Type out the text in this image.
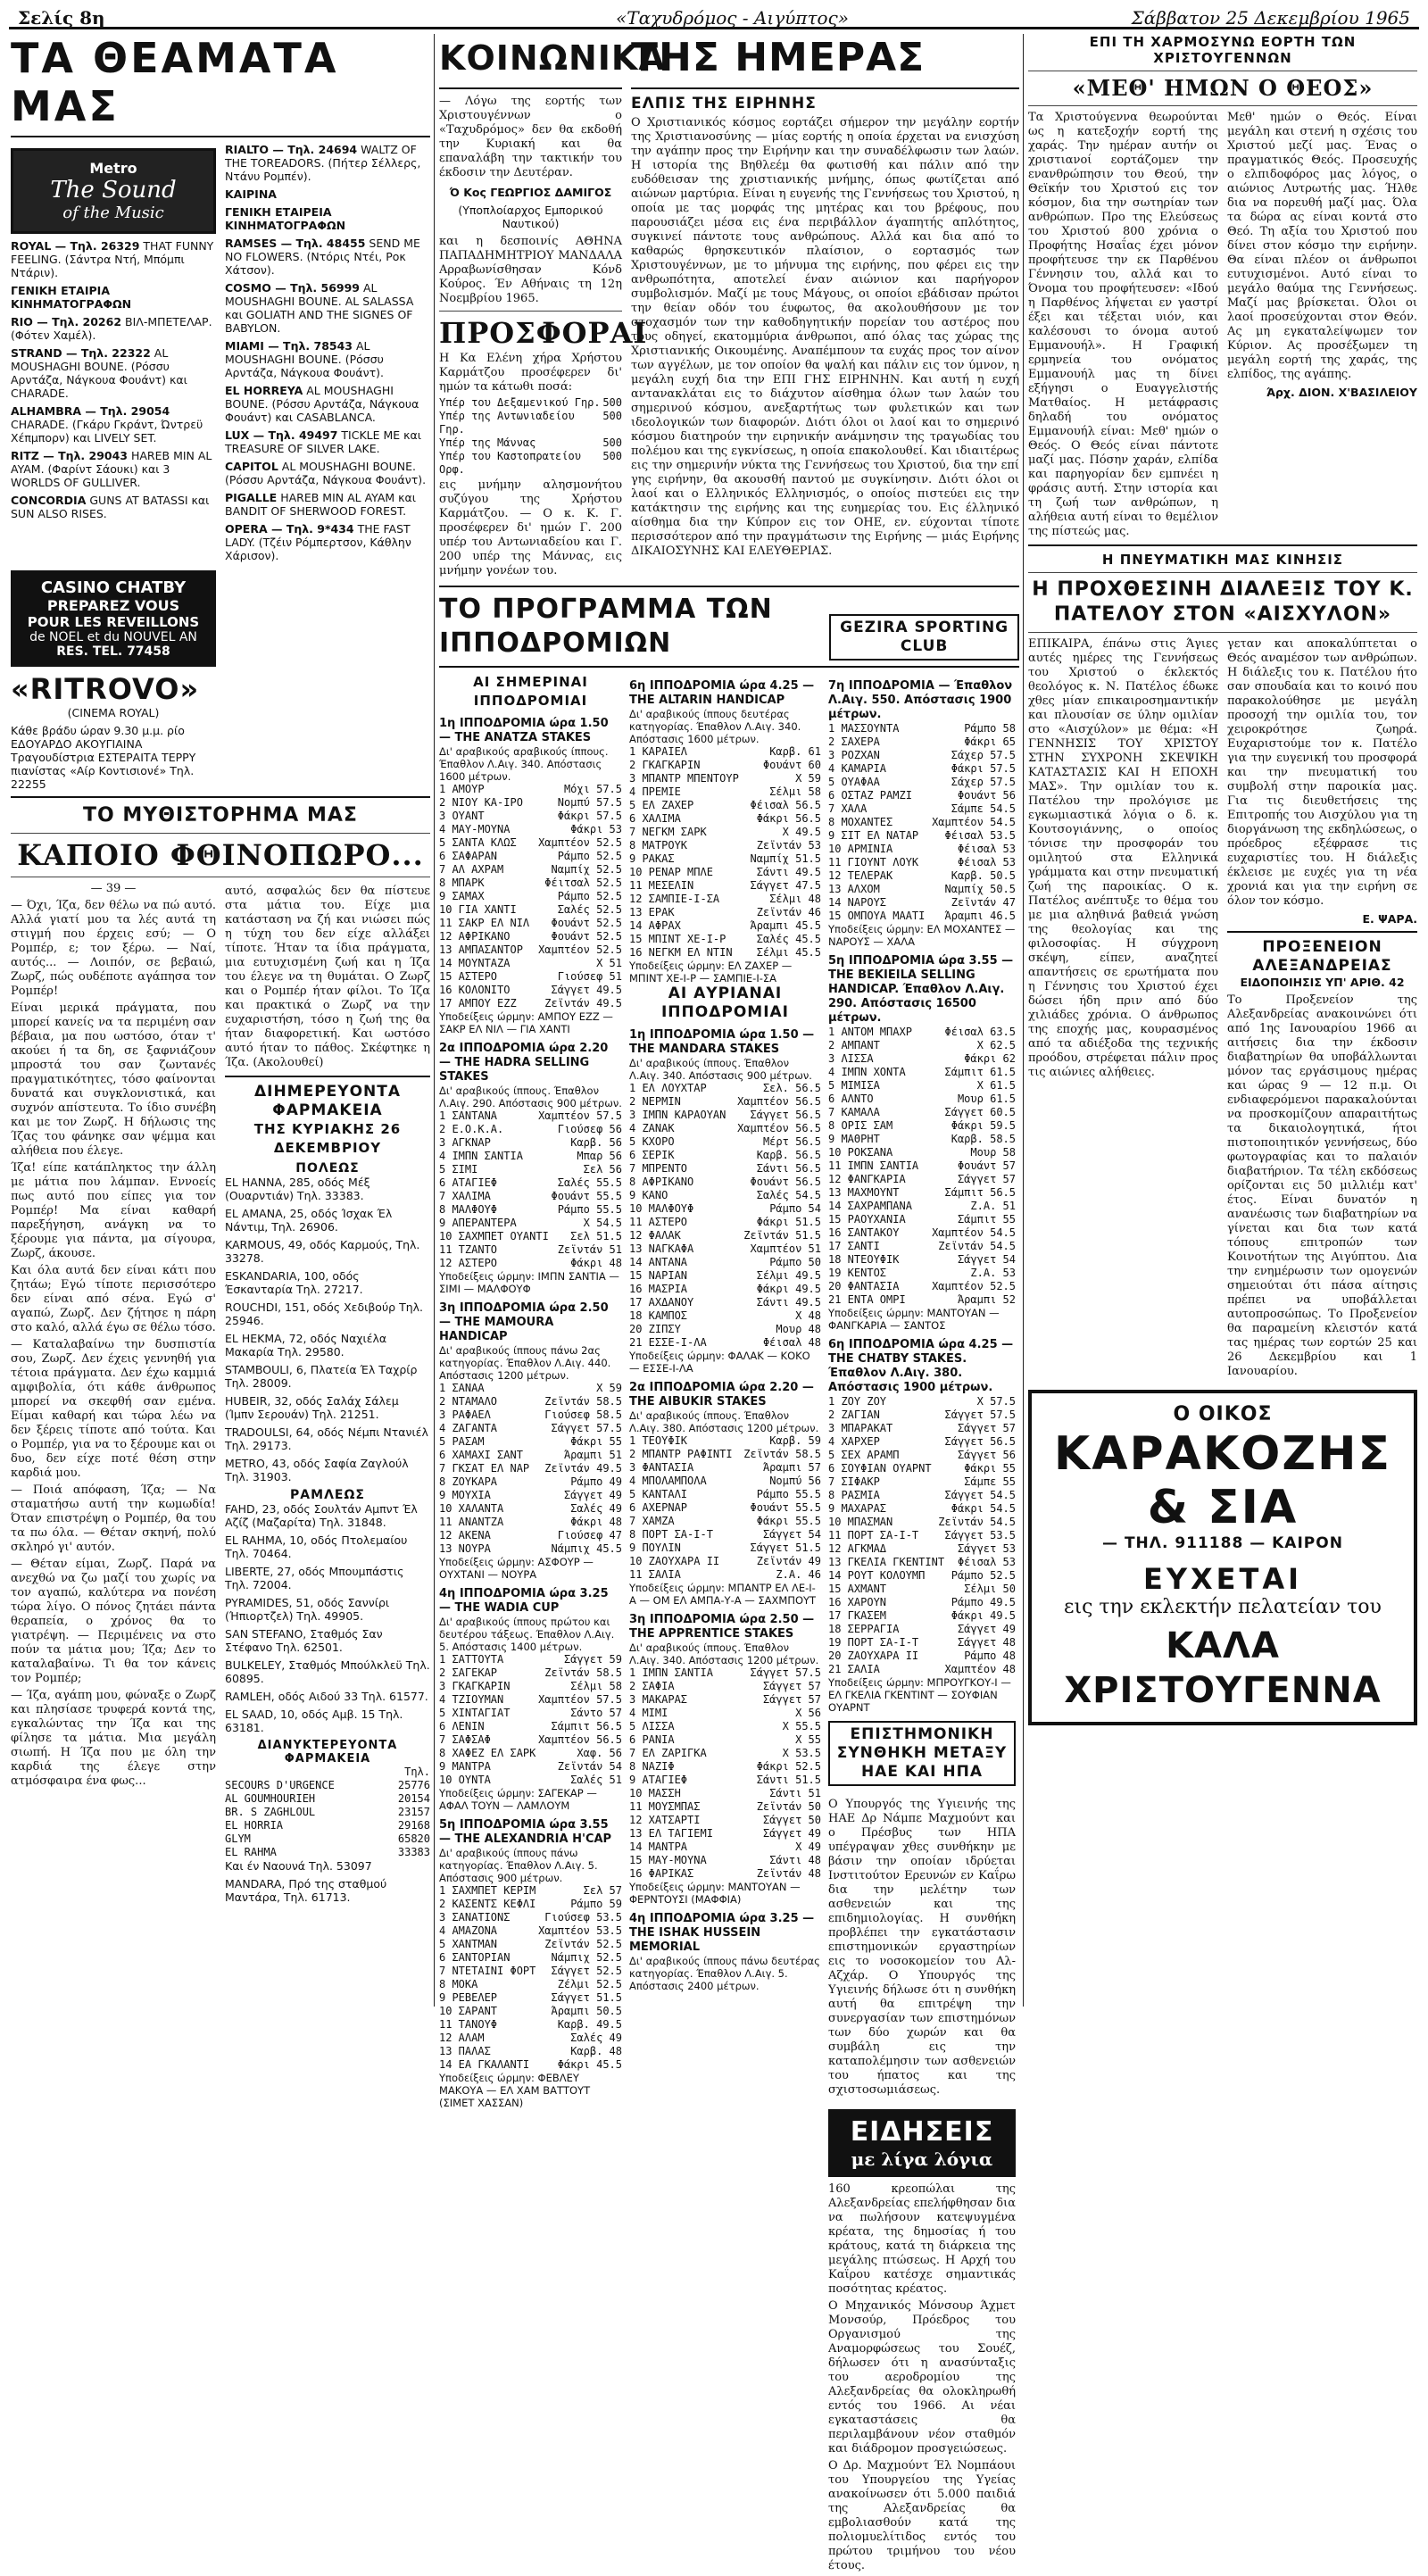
Σελίς 8η	«Ταχυδρόμος - Αιγύπτος»	Σάββατον 25 Δεκεμβρίου 1965
ΤΑ ΘΕΑΜΑΤΑ ΜΑΣ
Metro
The Sound
of the Music
ROYAL — Τηλ. 26329 THAT FUNNY FEELING. (Σάντρα Ντή, Μπόμπι Ντάριν).
ΓΕΝΙΚΗ ΕΤΑΙΡΙΑ ΚΙΝΗΜΑΤΟΓΡΑΦΩΝ
RIO — Τηλ. 20262 ΒΙΛ-ΜΠΕΤΕΛΑΡ. (Φότεν Χαμέλ).
STRAND — Τηλ. 22322 AL MOUSHAGHI BOUNE. (Ρόσσυ Αρντάζα, Νάγκουα Φουάντ) και CHARADE.
ALHAMBRA — Τηλ. 29054 CHARADE. (Γκάρυ Γκράντ, Ώντρεϋ Χέπμπορν) και LIVELY SET.
RITZ — Τηλ. 29043 HAREB MIN AL AYAM. (Φαρίντ Σάουκι) και 3 WORLDS OF GULLIVER.
CONCORDIA GUNS AT BATASSI και SUN ALSO RISES.
RIALTO — Τηλ. 24694 WALTZ OF THE TOREADORS. (Πήτερ Σέλλερς, Ντάνυ Ρομπέν).
ΚΑΙΡΙΝΑ
ΓΕΝΙΚΗ ΕΤΑΙΡΕΙΑ ΚΙΝΗΜΑΤΟΓΡΑΦΩΝ
RAMSES — Τηλ. 48455 SEND ME NO FLOWERS. (Ντόρις Ντέι, Ροκ Χάτσον).
COSMO — Τηλ. 56999 AL MOUSHAGHI BOUNE. AL SALASSA και GOLIATH AND THE SIGNES OF BABYLON.
MIAMI — Τηλ. 78543 AL MOUSHAGHI BOUNE. (Ρόσσυ Αρντάζα, Νάγκουα Φουάντ).
EL HORREYA AL MOUSHAGHI BOUNE. (Ρόσσυ Αρντάζα, Νάγκουα Φουάντ) και CASABLANCA.
LUX — Τηλ. 49497 TICKLE ME και TREASURE OF SILVER LAKE.
CAPITOL AL MOUSHAGHI BOUNE. (Ρόσσυ Αρντάζα, Νάγκουα Φουάντ).
PIGALLE HAREB MIN AL AYAM και BANDIT OF SHERWOOD FOREST.
OPERA — Τηλ. 9*434 THE FAST LADY. (Τζέιν Ρόμπερτσον, Κάθλην Χάρισον).
CASINO CHATBY
PREPAREZ VOUS
POUR LES REVEILLONS
de NOEL et du NOUVEL AN
RES. TEL. 77458
«RITROVO»
(CINEMA ROYAL)
Κάθε βράδυ ώραν 9.30 μ.μ. ρίο ΕΔΟΥΑΡΔΟ ΑΚΟΥΓΙΑΙΝΑ Τραγουδίστρια ΕΣΤΕΡΑΙΤΑ ΤΕΡΡΥ πιανίστας «Αίρ Κοντισιονέ» Τηλ. 22255
ΤΟ ΜΥΘΙΣΤΟΡΗΜΑ ΜΑΣ
ΚΑΠΟΙΟ ΦΘΙΝΟΠΩΡΟ...
— 39 —

— Όχι, Ίζα, δεν θέλω να πώ αυτό. Αλλά γιατί μου τα λές αυτά τη στιγμή που έρχεις εσύ; — Ο Ρομπέρ, ε; τον ξέρω. — Ναί, αυτός... — Λοιπόν, σε βεβαιώ, Ζωρζ, πώς ουδέποτε αγάπησα τον Ρομπέρ!

Είναι μερικά πράγματα, που μπορεί κανείς να τα περιμένη σαν βέβαια, μα που ωστόσο, όταν τ' ακούει ή τα δη, σε ξαφνιάζουν μπροστά του σαν ζωντανές πραγματικότητες, τόσο φαίνονται δυνατά και συγκλονιστικά, και συχνόν απίστευτα. Το ίδιο συνέβη και με τον Ζωρζ. Η δήλωσις της Ίζας του φάνηκε σαν ψέμμα και αλήθεια που έλεγε.

Ίζα! είπε κατάπληκτος την άλλη με μάτια που λάμπαν. Εννοείς πως αυτό που είπες για τον Ρομπέρ! Μα είναι καθαρή παρεξήγηση, ανάγκη να το ξέρουμε για πάντα, μα σίγουρα, Ζωρζ, άκουσε.

Και όλα αυτά δεν είναι κάτι που ζητάω; Εγώ τίποτε περισσότερο δεν είναι από σένα. Εγώ σ' αγαπώ, Ζωρζ. Δεν ζήτησε η πάρη στο καλό, αλλά έγω σε θέλω τόσο.

— Καταλαβαίνω την δυσπιστία σου, Ζωρζ. Δεν έχεις γεννηθή για τέτοια πράγματα. Δεν έχω καμμιά αμφιβολία, ότι κάθε άνθρωπος μπορεί να σκεφθή σαν εμένα. Είμαι καθαρή και τώρα λέω να δεν ξέρεις τίποτε από τούτα. Και ο Ρομπέρ, για να το ξέρουμε και οι δυο, δεν είχε ποτέ θέση στην καρδιά μου.

— Ποιά απόφαση, Ίζα; — Να σταματήσω αυτή την κωμωδία! Όταν επιστρέψη ο Ρομπέρ, θα του τα πω όλα. — Θέταν σκηνή, πολύ σκληρό γι' αυτόν.

— Θέταν είμαι, Ζωρζ. Παρά να ανεχθώ να ζω μαζί του χωρίς να τον αγαπώ, καλύτερα να πονέση τώρα λίγο. Ο πόνος ζητάει πάντα θεραπεία, ο χρόνος θα το γιατρέψη. — Περιμένεις να στο πούν τα μάτια μου; Ίζα; Δεν το καταλαβαίνω. Τι θα τον κάνεις τον Ρομπέρ;

— Ίζα, αγάπη μου, φώναξε ο Ζωρζ και πλησίασε τρυφερά κοντά της, εγκαλώντας την Ίζα και της φίλησε τα μάτια. Μια μεγάλη σιωπή. Η Ίζα που με όλη την καρδιά της έλεγε στην ατμόσφαιρα ένα φως...

αυτό, ασφαλώς δεν θα πίστευε στα μάτια του. Είχε μια κατάσταση να ζή και νιώσει πώς η τύχη του δεν είχε αλλάξει τίποτε. Ήταν τα ίδια πράγματα, μια ευτυχισμένη ζωή και η Ίζα του έλεγε να τη θυμάται. Ο Ζωρζ και ο Ρομπέρ ήταν φίλοι. Το Ίζα και πρακτικά ο Ζωρζ να την ευχαριστήση, τόσο η ζωή της θα ήταν διαφορετική. Και ωστόσο αυτό ήταν το πάθος. Σκέφτηκε η Ίζα. (Ακολουθεί)

ΔΙΗΜΕΡΕΥΟΝΤΑ ΦΑΡΜΑΚΕΙΑ
ΤΗΣ ΚΥΡΙΑΚΗΣ 26 ΔΕΚΕΜΒΡΙΟΥ
ΠΟΛΕΩΣ
EL HANNA, 285, οδός Μέξ (Ουαρντιάν) Τηλ. 33383.
EL AMANA, 25, οδός Ίσχακ Έλ Νάντιμ, Τηλ. 26906.
KARMOUS, 49, οδός Καρμούς, Τηλ. 33278.
ESKANDARIA, 100, οδός Έσκανταρία Τηλ. 27217.
ROUCHDI, 151, οδός Χεδιβούρ Τηλ. 25946.
EL HEKMA, 72, οδός Ναχιέλα Μακαρία Τηλ. 29580.
STAMBOULI, 6, Πλατεία Έλ Ταχρίρ Τηλ. 28009.
HUBEIR, 32, οδός Σαλάχ Σάλεμ (Ίμπν Σερουάν) Τηλ. 21251.
TRADOULSI, 64, οδός Νέμπι Ντανιέλ Τηλ. 29173.
METRO, 43, οδός Σαφία Ζαγλούλ Τηλ. 31903.
ΡΑΜΛΕΩΣ
FAHD, 23, οδός Σουλτάν Αμπντ Έλ Αζίζ (Μαζαρίτα) Τηλ. 31848.
EL RAHMA, 10, οδός Πτολεμαίου Τηλ. 70464.
LIBERTE, 27, οδός Μπουμπάστις Τηλ. 72004.
PYRAMIDES, 51, οδός Σαννίρι (Ήπιορτζελ) Τηλ. 49905.
SAN STEFANO, Σταθμός Σαν Στέφανο Τηλ. 62501.
BULKELEY, Σταθμός Μπούλκλεϋ Τηλ. 60895.
RAMLEH, οδός Αιδού 33 Τηλ. 61577.
EL SAAD, 10, οδός Αμβ. 15 Τηλ. 63181.
ΔΙΑΝΥΚΤΕΡΕΥΟΝΤΑ ΦΑΡΜΑΚΕΙΑ
Τηλ.
SECOURS D'URGENCE	25776
AL GOUMHOURIEH	20154
BR. S ZAGHLOUL	23157
EL HORRIA	29168
GLYM	65820
EL RAHMA	33383
Και έν Ναουνά Τηλ. 53097
MANDARA, Πρό της σταθμού Μαντάρα, Τηλ. 61713.
ΚΟΙΝΩΝΙΚΑ

— Λόγω της εορτής των Χριστουγέννων ο «Ταχυδρόμος» δεν θα εκδοθή την Κυριακή και θα επαναλάβη την τακτικήν του έκδοσιν την Δευτέραν.

Ό Κος ΓΕΩΡΓΙΟΣ ΔΑΜΙΓΟΣ
(Υποπλοίαρχος Εμπορικού Ναυτικού)

και η δεσποινίς ΑΘΗΝΑ ΠΑΠΑΔΗΜΗΤΡΙΟΥ ΜΑΝΔΑΛΑ Αρραβωνίσθησαν Κόνδ Κούρος. Έν Αθήναις τη 12η Νοεμβρίου 1965.

ΠΡΟΣΦΟΡΑΙ

Η Κα Ελένη χήρα Χρήστου Καρμάτζου προσέφερεν δι' ημών τα κάτωθι ποσά:

Υπέρ του Δεξαμενικού Γηρ. 500
Υπέρ της Αντωνιαδείου Γηρ.
500
Υπέρ της Μάννας	500
Υπέρ του Καστοπρατείου Ορφ.
500

εις μνήμην αλησμονήτου συζύγου της Χρήστου Καρμάτζου. — Ο κ. Κ. Γ. προσέφερεν δι' ημών Γ. 200 υπέρ του Αντωνιαδείου και Γ. 200 υπέρ της Μάννας, εις μνήμην γονέων του.

ΤΗΣ ΗΜΕΡΑΣ
ΕΛΠΙΣ ΤΗΣ ΕΙΡΗΝΗΣ

Ο Χριστιανικός κόσμος εορτάζει σήμερον την μεγάλην εορτήν της Χριστιανοσύνης — μίας εορτής η οποία έρχεται να ενισχύση την αγάπην προς την Ειρήνην και την συναδέλφωσιν των λαών. Η ιστορία της Βηθλεέμ θα φωτισθή και πάλιν από την ευδόθεισαν της χριστιανικής μνήμης, όπως φωτίζεται από αιώνων μαρτύρια. Είναι η ευγενής της Γεννήσεως του Χριστού, η οποία με τας μορφάς της μητέρας και του βρέφους, που παρουσιάζει μέσα εις ένα περιβάλλον άγαπητής απλότητος, συγκινεί πάντοτε τους ανθρώπους. Αλλά και δια από το καθαρώς θρησκευτικόν πλαίσιον, ο εορτασμός των Χριστουγέννων, με το μήνυμα της ειρήνης, που φέρει εις την ανθρωπότητα, αποτελεί έναν αιώνιον και παρήγορον συμβολισμόν. Μαζί με τους Μάγους, οι οποίοι εβάδισαν πρώτοι την θείαν οδόν του έυφωτος, θα ακολουθήσουν με τον στοχασμόν των την καθοδηγητικήν πορείαν του αστέρος που τους οδηγεί, εκατομμύρια άνθρωποι, από όλας τας χώρας της Χριστιανικής Οικουμένης. Αναπέμπουν τα ευχάς προς τον αίνον των αγγέλων, με τον οποίον θα ψαλή και πάλιν εις τον ύμνον, η μεγάλη ευχή δια την ΕΠΙ ΓΗΣ ΕΙΡΗΝΗΝ. Και αυτή η ευχή αντανακλάται εις το διάχυτον αίσθημα όλων των λαών του σημερινού κόσμου, ανεξαρτήτως των φυλετικών και των ιδεολογικών των διαφορών. Διότι όλοι οι λαοί και το σημερινό κόσμου διατηρούν την ειρηνικήν ανάμνησιν της τραγωδίας του πολέμου και της εγκνίσεως, η οποία επακολουθεί. Και ιδιαιτέρως εις την σημερινήν νύκτα της Γεννήσεως του Χριστού, δια την επί γης ειρήνην, θα ακουσθή παντού με συγκίνησιν. Διότι όλοι οι λαοί και ο Ελληνικός Ελληνισμός, ο οποίος πιστεύει εις την κατάκτησιν της ειρήνης και της ευημερίας του. Εις έλληνικό αίσθημα δια την Κύπρον εις τον ΟΗΕ, εν. εύχονται τίποτε περισσότερον από την πραγμάτωσιν της Ειρήνης — μιάς Ειρήνης ΔΙΚΑΙΟΣΥΝΗΣ ΚΑΙ ΕΛΕΥΘΕΡΙΑΣ.

ΤΟ ΠΡΟΓΡΑΜΜΑ ΤΩΝ ΙΠΠΟΔΡΟΜΙΩΝ	GEZIRA SPORTING CLUB
ΑΙ ΣΗΜΕΡΙΝΑΙ ΙΠΠΟΔΡΟΜΙΑΙ
1η ΙΠΠΟΔΡΟΜΙΑ ώρα 1.50 — THE ΑΝΑΤΖΑ STAKES
Δι' αραβικούς αραβικούς ίππους. Έπαθλον Λ.Αιγ. 340. Απόστασις 1600 μέτρων.
1 ΑΜΟΥΡ	Μόχι 57.5
2 ΝΙΟΥ ΚΑ-ΙΡΟ	Νομπύ 57.5
3 ΟΥΑΝΤ	Φάκρι 57.5
4 ΜΑΥ-ΜΟΥΝΑ	Φάκρι 53
5 ΣΑΝΤΑ ΚΛΩΣ Χαμπτέον 52.5
6 ΣΑΦΑΡΑΝ	Ράμπο 52.5
7 ΑΛ ΑΧΡΑΜ	Ναμπίχ 52.5
8 ΜΠΑΡΚ	Φέιτσαλ 52.5
9 ΣΑΜΑΧ	Ράμπο 52.5
10 ΓΙΑ ΧΑΝΤΙ	Σαλές 52.5
11 ΣΑΚΡ ΕΛ ΝΙΛ Φουάντ 52.5
12 ΑΦΡΙΚΑΝΟ	Φουάντ 52.5
13 ΑΜΠΑΣΑΝΤΟΡ Χαμπτέον 52.5
14 ΜΟΥΝΤΑΖΑ	Χ 51
15 ΑΣΤΕΡΟ	Γιούσεφ 51
16 ΚΟΛΟΝΙΤΟ	Σάγγετ 49.5
17 ΑΜΠΟΥ ΕΖΖ	Ζεϊντάν 49.5
Υποδείξεις ώρμην: ΑΜΠΟΥ ΕΖΖ — ΣΑΚΡ ΕΛ ΝΙΛ — ΓΙΑ ΧΑΝΤΙ
2α ΙΠΠΟΔΡΟΜΙΑ ώρα 2.20 — THE HADRA SELLING STAKES
Δι' αραβικούς ίππους. Έπαθλον Λ.Αιγ. 290. Απόστασις 900 μέτρων.
1 ΣΑΝΤΑΝΑ	Χαμπτέον 57.5
2 Ε.Ο.Κ.Α.	Γιούσεφ 56
3 ΑΓΚΝΑΡ	Καρβ. 56
4 ΙΜΠΝ ΣΑΝΤΙΑ	Μπαρ 56
5 ΣΙΜΙ	Σελ 56
6 ΑΤΑΓΙΕΦ	Σαλές 55.5
7 ΧΑΛΙΜΑ	Φουάντ 55.5
8 ΜΑΛΦΟΥΦ	Ράμπο 55.5
9 ΑΠΕΡΑΝΤΕΡΑ	Χ 54.5
10 ΣΑΧΜΠΕΤ ΟΥΑΝΤΙ Σελ 51.5
11 ΤΖΑΝΤΟ	Ζεϊντάν 51
12 ΑΣΤΕΡΟ	Φάκρι 48
Υποδείξεις ώρμην: ΙΜΠΝ ΣΑΝΤΙΑ — ΣΙΜΙ — ΜΑΛΦΟΥΦ
3η ΙΠΠΟΔΡΟΜΙΑ ώρα 2.50 — THE MAMOURA HANDICAP
Δι' αραβικούς ίππους πάνω 2ας κατηγορίας. Έπαθλον Λ.Αιγ. 440. Απόστασις 1200 μέτρων.
1 ΣΑΝΑΑ	Χ 59
2 ΝΤΑΜΑΛΟ	Ζεϊντάν 58.5
3 ΡΑΦΑΕΛ	Γιούσεφ 58.5
4 ΖΑΓΑΝΤΑ	Σάγγετ 57.5
5 ΡΑΣΑΜ	Φάκρι 55
6 ΧΑΜΑΧΙ ΣΑΝΤ	Άραμπι 51
7 ΓΚΣΑΤ ΕΛ ΝΑΡ Ζεϊντάν 49.5
8 ΖΟΥΚΑΡΑ	Ράμπο 49
9 ΜΟΥΧΙΑ	Σάγγετ 49
10 ΧΑΛΑΝΤΑ	Σαλές 49
11 ΑΝΑΝΤΖΑ	Φάκρι 48
12 ΑΚΕΝΑ	Γιούσεφ 47
13 ΝΟΥΡΑ	Νάμπιχ 45.5
Υποδείξεις ώρμην: ΑΣΦΟΥΡ — ΟΥΧΤΑΝΙ — ΝΟΥΡΑ
4η ΙΠΠΟΔΡΟΜΙΑ ώρα 3.25 — THE WADIA CUP
Δι' αραβικούς ίππους πρώτου και δευτέρου τάξεως. Έπαθλον Λ.Αιγ. 5. Απόστασις 1400 μέτρων.
1 ΣΑΤΤΟΥΤΑ	Σάγγετ 59
2 ΣΑΓΕΚΑΡ	Ζεϊντάν 58.5
3 ΓΚΑΓΚΑΡΙΝ	Σέλμι 58
4 ΤΖΙΟΥΜΑΝ	Χαμπτέον 57.5
5 ΧΙΝΤΑΓΙΑΤ	Σάντο 57
6 ΛΕΝΙΝ	Σάμπιτ 56.5
7 ΣΑΦΣΑΦ	Χαμπτέον 56.5
8 ΧΑΦΕΖ ΕΛ ΣΑΡΚ	Χαφ. 56
9 ΜΑΝΤΡΑ	Ζεϊντάν 54
10 ΟΥΝΤΑ	Σαλές 51
Υποδείξεις ώρμην: ΣΑΓΕΚΑΡ — ΑΦΑΛ ΤΟΥΝ — ΛΑΜΛΟΥΜ
5η ΙΠΠΟΔΡΟΜΙΑ ώρα 3.55 — THE ALEXANDRIA H'CAP
Δι' αραβικούς ίππους πάνω κατηγορίας. Έπαθλον Λ.Αιγ. 5. Απόστασις 900 μέτρων.
1 ΣΑΧΜΠΕΤ ΚΕΡΙΜ	Σελ 57
2 ΚΑΣΕΝΤΣ ΚΕΦΛΙ	Ράμπο 59
3 ΣΑΝΑΤΙΟΝΣ	Γιούσεφ 53.5
4 ΑΜΑΖΟΝΑ	Χαμπτέον 53.5
5 ΧΑΝΤΜΑΝ	Ζεϊντάν 52.5
6 ΣΑΝΤΟΡΙΑΝ	Νάμπιχ 52.5
7 ΝΤΕΤΑΙΝΙ ΦΟΡΤ Σάγγετ 52.5
8 ΜΟΚΑ	Ζέλμι 52.5
9 ΡΕΒΕΛΕΡ	Σάγγετ 51.5
10 ΣΑΡΑΝΤ	Άραμπι 50.5
11 ΤΑΝΟΥΦ	Καρβ. 49.5
12 ΑΛΑΜ	Σαλές 49
13 ΠΑΛΑΣ	Καρβ. 48
14 ΕΑ ΓΚΑΛΑΝΤΙ	Φάκρι 45.5
Υποδείξεις ώρμην: ΦΕΒΛΕΥ ΜΑΚΟΥΑ — ΕΛ ΧΑΜ ΒΑΤΤΟΥΤ (ΣΙΜΕΤ ΧΑΣΣΑΝ)
6η ΙΠΠΟΔΡΟΜΙΑ ώρα 4.25 — THE ALTARIN HANDICAP
Δι' αραβικούς ίππους δευτέρας κατηγορίας. Έπαθλον Λ.Αιγ. 340. Απόστασις 1600 μέτρων.
1 ΚΑΡΑΙΕΛ	Καρβ. 61
2 ΓΚΑΓΚΑΡΙΝ	Φουάντ 60
3 ΜΠΑΝΤΡ ΜΠΕΝΤΟΥΡ	Χ 59
4 ΠΡΕΜΙΕ	Σέλμι 58
5 ΕΛ ΖΑΧΕΡ	Φέισαλ 56.5
6 ΧΑΛΙΜΑ	Φάκρι 56.5
7 ΝΕΓΚΜ ΣΑΡΚ	Χ 49.5
8 ΜΑΤΡΟΥΚ	Ζεϊντάν 53
9 ΡΑΚΑΣ	Ναμπίχ 51.5
10 ΡΕΝΑΡ ΜΠΛΕ	Σάντι 49.5
11 ΜΕΣΕΛΙΝ	Σάγγετ 47.5
12 ΣΑΜΠΙΕ-Ι-ΣΑ	Σέλμι 48
13 ΕΡΑΚ	Ζεϊντάν 46
14 ΑΦΡΑΧ	Άραμπι 45.5
15 ΜΠΙΝΤ ΧΕ-Ι-Ρ	Σαλές 45.5
16 ΝΕΓΚΜ ΕΛ ΝΤΙΝ Σέλμι 45.5
Υποδείξεις ώρμην: ΕΛ ΖΑΧΕΡ — ΜΠΙΝΤ ΧΕ-Ι-Ρ — ΣΑΜΠΙΕ-Ι-ΣΑ
ΑΙ ΑΥΡΙΑΝΑΙ ΙΠΠΟΔΡΟΜΙΑΙ
1η ΙΠΠΟΔΡΟΜΙΑ ώρα 1.50 — THE MANDARA STAKES
Δι' αραβικούς ίππους. Έπαθλον Λ.Αιγ. 340. Απόστασις 900 μέτρων.
1 ΕΛ ΛΟΥΧΤΑΡ	Σελ. 56.5
2 ΝΕΡΜΙΝ	Χαμπτέον 56.5
3 ΙΜΠΝ ΚΑΡΑΟΥΑΝ Σάγγετ 56.5
4 ΖΑΝΑΚ	Χαμπτέον 56.5
5 ΚΧΟΡΟ	Μέρτ 56.5
6 ΣΕΡΙΚ	Καρβ. 56.5
7 ΜΠΡΕΝΤΟ	Σάντι 56.5
8 ΑΦΡΙΚΑΝΟ	Φουάντ 56.5
9 ΚΑΝΟ	Σαλές 54.5
10 ΜΑΛΦΟΥΦ	Ράμπο 54
11 ΑΣΤΕΡΟ	Φάκρι 51.5
12 ΦΑΛΑΚ	Ζεϊντάν 51.5
13 ΝΑΓΚΑΦΑ	Χαμπτέον 51
14 ΑΝΤΑΝΑ	Ράμπο 50
15 ΝΑΡΙΑΝ	Σέλμι 49.5
16 ΜΑΣΡΙΑ	Φάκρι 49.5
17 ΑΧΔΑΝΟΥ	Σάντι 49.5
18 ΚΑΜΠΟΣ	Χ 48
20 ΖΙΠΣΥ	Μουρ 48
21 ΕΣΣΕ-Ι-ΛΑ	Φέισαλ 48
Υποδείξεις ώρμην: ΦΑΛΑΚ — ΚΟΚΟ — ΕΣΣΕ-Ι-ΛΑ
2α ΙΠΠΟΔΡΟΜΙΑ ώρα 2.20 — THE AIBUKIR STAKES
Δι' αραβικούς ίππους. Έπαθλον Λ.Αιγ. 380. Απόστασις 1200 μέτρων.
1 ΤΕΟΥΦΙΚ	Καρβ. 59
2 ΜΠΑΝΤΡ ΡΑΦΙΝΤΙ Ζεϊντάν 58.5
3 ΦΑΝΤΑΣΙΑ	Άραμπι 57
4 ΜΠΟΛΑΜΠΟΛΑ	Νομπύ 56
5 ΚΑΝΤΑΛΙ	Ράμπο 55.5
6 ΑΧΕΡΝΑΡ	Φουάντ 55.5
7 ΧΑΜΖΑ	Φάκρι 55.5
8 ΠΟΡΤ ΣΑ-Ι-Τ	Σάγγετ 54
9 ΠΟΥΛΙΝ	Σάγγετ 51.5
10 ΖΑΟΥΧΑΡΑ ΙΙ	Ζεϊντάν 49
11 ΣΑΛΙΑ	Ζ.Α. 46
Υποδείξεις ώρμην: ΜΠΑΝΤΡ ΕΛ ΛΕ-Ι-Α — ΟΜ ΕΛ ΑΜΠΑ-Υ-Α — ΣΑΧΜΠΟΥΤ
3η ΙΠΠΟΔΡΟΜΙΑ ώρα 2.50 — THE APPRENTICE STAKES
Δι' αραβικούς ίππους. Έπαθλον Λ.Αιγ. 340. Απόστασις 1200 μέτρων.
1 ΙΜΠΝ ΣΑΝΤΙΑ	Σάγγετ 57.5
2 ΣΑΦΙΑ	Σάγγετ 57
3 ΜΑΚΑΡΑΣ	Σάγγετ 57
4 ΜΙΜΙ	Χ 56
5 ΛΙΣΣΑ	Χ 55.5
6 ΡΑΝΙΑ	Χ 55
7 ΕΛ ΖΑΡΙΓΚΑ	Χ 53.5
8 ΝΑΖΙΦ	Φάκρι 52.5
9 ΑΤΑΓΙΕΦ	Σάντι 51.5
10 ΜΑΣΣΗ	Σάντι 51
11 ΜΟΥΣΜΠΑΣ	Ζεϊντάν 50
12 ΧΑΤΣΑΡΤΙ	Σάγγετ 50
13 ΕΛ ΤΑΓΙΕΜΙ	Σάγγετ 49
14 ΜΑΝΤΡΑ	Χ 49
15 ΜΑΥ-ΜΟΥΝΑ	Σάντι 48
16 ΦΑΡΙΚΑΣ	Ζεϊντάν 48
Υποδείξεις ώρμην: ΜΑΝΤΟΥΑΝ — ΦΕΡΝΤΟΥΣΙ (ΜΑΦΦΙΑ)
4η ΙΠΠΟΔΡΟΜΙΑ ώρα 3.25 — THE ISHAK HUSSEIN MEMORIAL
Δι' αραβικούς ίππους πάνω δευτέρας κατηγορίας. Έπαθλον Λ.Αιγ. 5. Απόστασις 2400 μέτρων.
7η ΙΠΠΟΔΡΟΜΙΑ — Έπαθλον Λ.Αιγ. 550. Απόστασις 1900 μέτρων.
1 ΜΑΣΣΟΥΝΤΑ	Ράμπο 58
2 ΣΑΧΕΡΑ	Φάκρι 65
3 ΡΟΖΧΑΝ	Σάχερ 57.5
4 ΚΑΜΑΡΙΑ	Φάκρι 57.5
5 ΟΥΑΦΑΑ	Σάχερ 57.5
6 ΟΣΤΑΖ ΡΑΜΖΙ	Φουάντ 56
7 ΧΑΛΑ	Σάμπε 54.5
8 ΜΟΧΑΝΤΕΣ	Χαμπτέον 54.5
9 ΣΙΤ ΕΛ ΝΑΤΑΡ Φέισαλ 53.5
10 ΑΡΜΙΝΙΑ	Φέισαλ 53
11 ΓΙΟΥΝΤ ΛΟΥΚ	Φέισαλ 53
12 ΤΕΛΕΡΑΚ	Καρβ. 50.5
13 ΑΛΧΟΜ	Ναμπίχ 50.5
14 ΝΑΡΟΥΣ	Ζεϊντάν 47
15 ΟΜΠΟΥΑ ΜΑΑΤΙ Άραμπι 46.5
Υποδείξεις ώρμην: ΕΛ ΜΟΧΑΝΤΕΣ — ΝΑΡΟΥΣ — ΧΑΛΑ
5η ΙΠΠΟΔΡΟΜΙΑ ώρα 3.55 — THE BEKIEILA SELLING HANDICAP. Έπαθλον Λ.Αιγ. 290. Απόστασις 16500 μέτρων.
1 ΑΝΤΟΜ ΜΠΑΧΡ	Φέισαλ 63.5
2 ΑΜΠΑΝΤ	Χ 62.5
3 ΛΙΣΣΑ	Φάκρι 62
4 ΙΜΠΝ ΧΟΝΤΑ	Σάμπιτ 61.5
5 ΜΙΜΙΣΑ	Χ 61.5
6 ΑΛΝΤΟ	Μουρ 61.5
7 ΚΑΜΑΛΑ	Σάγγετ 60.5
8 ΟΡΙΣ ΣΑΜ	Φάκρι 59.5
9 ΜΑΘΡΗΤ	Καρβ. 58.5
10 ΡΟΚΣΑΝΑ	Μουρ 58
11 ΙΜΠΝ ΣΑΝΤΙΑ	Φουάντ 57
12 ΦΑΝΓΚΑΡΙΑ	Σάγγετ 57
13 ΜΑΧΜΟΥΝΤ	Σάμπιτ 56.5
14 ΣΑΧΡΑΜΠΑΝΑ	Ζ.Α. 51
15 ΡΑΟΥΧΑΝΙΑ	Σάμπιτ 55
16 ΣΑΝΤΑΚΟΥ	Χαμπτέον 54.5
17 ΣΑΝΤΙ	Ζεϊντάν 54.5
18 ΝΤΕΟΥΦΙΚ	Σάγγετ 54
19 ΚΕΝΤΟΣ	Ζ.Α. 53
20 ΦΑΝΤΑΣΙΑ	Χαμπτέον 52.5
21 ΕΝΤΑ ΟΜΡΙ	Άραμπι 52
Υποδείξεις ώρμην: ΜΑΝΤΟΥΑΝ — ΦΑΝΓΚΑΡΙΑ — ΣΑΝΤΟΣ
6η ΙΠΠΟΔΡΟΜΙΑ ώρα 4.25 — THE CHATBY STAKES. Έπαθλον Λ.Αιγ. 380. Απόστασις 1900 μέτρων.
1 ΖΟΥ ΖΟΥ	Χ 57.5
2 ΖΑΓΙΑΝ	Σάγγετ 57.5
3 ΜΠΑΡΑΚΑΤ	Σάγγετ 57
4 ΧΑΡΧΕΡ	Σάγγετ 56.5
5 ΣΕΧ ΑΡΑΜΠ	Σάγγετ 56
6 ΣΟΥΦΙΑΝ ΟΥΑΡΝΤ	Φάκρι 55
7 ΣΙΦΑΚΡ	Σάμπε 55
8 ΡΑΣΜΙΑ	Σάγγετ 54.5
9 ΜΑΧΑΡΑΣ	Φάκρι 54.5
10 ΜΠΑΣΜΑΝ	Ζεϊντάν 54.5
11 ΠΟΡΤ ΣΑ-Ι-Τ Σάγγετ 53.5
12 ΑΓΚΜΑΔ	Σάγγετ 53
13 ΓΚΕΛΙΑ ΓΚΕΝΤΙΝΤ Φέισαλ 53
14 ΡΟΥΤ ΚΟΛΟΥΜΠ Ράμπο 52.5
15 ΑΧΜΑΝΤ	Σέλμι 50
16 ΧΑΡΟΥΝ	Ράμπο 49.5
17 ΓΚΑΣΕΜ	Φάκρι 49.5
18 ΣΕΡΡΑΓΙΑ	Σάγγετ 49
19 ΠΟΡΤ ΣΑ-Ι-Τ	Σάγγετ 48
20 ΖΑΟΥΧΑΡΑ ΙΙ	Ράμπο 48
21 ΣΑΛΙΑ	Χαμπτέον 48
Υποδείξεις ώρμην: ΜΠΡΟΥΓΚΟΥ-Ι — ΕΛ ΓΚΕΛΙΑ ΓΚΕΝΤΙΝΤ — ΣΟΥΦΙΑΝ ΟΥΑΡΝΤ
ΕΠΙΣΤΗΜΟΝΙΚΗ ΣΥΝΘΗΚΗ ΜΕΤΑΞΥ ΗΑΕ ΚΑΙ ΗΠΑ

Ο Υπουργός της Υγιεινής της ΗΑΕ Δρ Νάμπε Μαχμούντ και ο Πρέσβυς των ΗΠΑ υπέγραψαν χθες συνθήκην με βάσιν την οποίαν ιδρύεται Ινστιτούτον Ερευνών εν Καΐρω δια την μελέτην των ασθενειών και της επιδημιολογίας. Η συνθήκη προβλέπει την εγκατάστασιν επιστημονικών εργαστηρίων εις το νοσοκομείον του Αλ-Αζχάρ. Ο Υπουργός της Υγιεινής δήλωσε ότι η συνθήκη αυτή θα επιτρέψη την συνεργασίαν των επιστημόνων των δύο χωρών και θα συμβάλη εις την καταπολέμησιν των ασθενειών του ήπατος και της σχιστοσωμιάσεως.

ΕΙΔΗΣΕΙΣ
με λίγα λόγια

160 κρεοπώλαι της Αλεξανδρείας επελήφθησαν δια να πωλήσουν κατεψυγμένα κρέατα, της δημοσίας ή του κράτους, κατά τη διάρκεια της μεγάλης πτώσεως. Η Αρχή του Καΐρου κατέσχε σημαντικάς ποσότητας κρέατος.

Ο Μηχανικός Μόνσουρ Άχμετ Μονσούρ, Πρόεδρος του Οργανισμού της Αναμορφώσεως του Σουέζ, δήλωσεν ότι η ανασύνταξις του αεροδρομίου της Αλεξανδρείας θα ολοκληρωθή εντός του 1966. Αι νέαι εγκαταστάσεις θα περιλαμβάνουν νέον σταθμόν και διάδρομον προσγειώσεως.

Ο Δρ. Μαχμούντ Έλ Νομπάουι του Υπουργείου της Υγείας ανακοίνωσεν ότι 5.000 παιδιά της Αλεξανδρείας θα εμβολιασθούν κατά της πολιομυελίτιδος εντός του πρώτου τριμήνου του νέου έτους.

ΕΠΙ ΤΗ ΧΑΡΜΟΣΥΝΩ ΕΟΡΤΗ ΤΩΝ ΧΡΙΣΤΟΥΓΕΝΝΩΝ
«ΜΕΘ' ΗΜΩΝ Ο ΘΕΟΣ»

Τα Χριστούγεννα θεωρούνται ως η κατεξοχήν εορτή της χαράς. Την ημέραν αυτήν οι χριστιανοί εορτάζομεν την ενανθρώπησιν του Θεού, την Θεϊκήν του Χριστού εις τον κόσμον, δια την σωτηρίαν των ανθρώπων. Προ της Ελεύσεως του Χριστού 800 χρόνια ο Προφήτης Ησαΐας έχει μόνον προφήτευσε την εκ Παρθένου Γέννησιν του, αλλά και το Όνομα του προφήτευσεν: «Ιδού η Παρθένος λήψεται εν γαστρί έξει και τέξεται υιόν, και καλέσουσι το όνομα αυτού Εμμανουήλ». Η Γραφική ερμηνεία του ονόματος Εμμανουήλ μας τη δίνει εξήγησι ο Ευαγγελιστής Ματθαίος. Η μετάφρασις δηλαδή του ονόματος Εμμανουήλ είναι: Μεθ' ημών ο Θεός. Ο Θεός είναι πάντοτε μαζί μας. Πόσην χαράν, ελπίδα και παρηγορίαν δεν εμπνέει η φράσις αυτή. Στην ιστορία και τη ζωή των ανθρώπων, η αλήθεια αυτή είναι το θεμέλιον της πίστεώς μας.

Μεθ' ημών ο Θεός. Είναι μεγάλη και στενή η σχέσις του Χριστού μεζί μας. Ένας ο πραγματικός Θεός. Προσευχής ο ελπιδοφόρος μας λόγος, ο αιώνιος Λυτρωτής μας. Ήλθε δια να πορευθή μαζί μας. Όλα τα δώρα ας είναι κοντά στο Θεό. Τη αξία του Χριστού που δίνει στον κόσμο την ειρήνην. Θα είναι πλέον οι άνθρωποι ευτυχισμένοι. Αυτό είναι το μεγάλο θαύμα της Γεννήσεως. Μαζί μας βρίσκεται. Όλοι οι λαοί προσεύχονται στον Θεόν. Ας μη εγκαταλείψωμεν τον Κύριον. Ας προσέξωμεν τη μεγάλη εορτή της χαράς, της ελπίδος, της αγάπης.

Άρχ. ΔΙΟΝ. Χ'ΒΑΣΙΛΕΙΟΥ
Η ΠΝΕΥΜΑΤΙΚΗ ΜΑΣ ΚΙΝΗΣΙΣ
Η ΠΡΟΧΘΕΣΙΝΗ ΔΙΑΛΕΞΙΣ ΤΟΥ Κ. ΠΑΤΕΛΟΥ ΣΤΟΝ «ΑΙΣΧΥΛΟΝ»

ΕΠΙΚΑΙΡΑ, έπάνω στις Άγιες αυτές ημέρες της Γεννήσεως του Χριστού ο έκλεκτός θεολόγος κ. Ν. Πατέλος έδωκε χθες μίαν επικαιροσημαντικήν και πλουσίαν σε ύλην ομιλίαν στο «Αισχύλον» με θέμα: «Η ΓΕΝΝΗΣΙΣ ΤΟΥ ΧΡΙΣΤΟΥ ΣΤΗΝ ΣΥΧΡΟΝΗ ΣΚΕΨΙΚΗ ΚΑΤΑΣΤΑΣΙΣ ΚΑΙ Η ΕΠΟΧΗ ΜΑΣ». Την ομιλίαν του κ. Πατέλου την προλόγισε με εγκωμιαστικά λόγια ο δ. κ. Κουτσογιάννης, ο οποίος τόνισε την προσφοράν του ομιλητού στα Ελληνικά γράμματα και στην πνευματική ζωή της παροικίας. Ο κ. Πατέλος ανέπτυξε το θέμα του με μια αληθινά βαθειά γνώση της θεολογίας και της φιλοσοφίας. Η σύγχρονη σκέψη, είπεν, αναζητεί απαντήσεις σε ερωτήματα που η Γέννησις του Χριστού έχει δώσει ήδη πριν από δύο χιλιάδες χρόνια. Ο άνθρωπος της εποχής μας, κουρασμένος από τα αδιέξοδα της τεχνικής προόδου, στρέφεται πάλιν προς τις αιώνιες αλήθειες.

γεταν και αποκαλύπτεται ο Θεός αναμέσον των ανθρώπων. Η διάλεξις του κ. Πατέλου ήτο σαν σπουδαία και το κοινό που παρακολούθησε με μεγάλη προσοχή την ομιλία του, τον χειροκρότησε ζωηρά. Ευχαριστούμε τον κ. Πατέλο για την ευγενική του προσφορά και την πνευματική του συμβολή στην παροικία μας. Για τις διευθετήσεις της Επιτροπής του Αισχύλου για τη διοργάνωση της εκδηλώσεως, ο πρόεδρος εξέφρασε τις ευχαριστίες του. Η διάλεξις έκλεισε με ευχές για τη νέα χρονιά και για την ειρήνη σε όλον τον κόσμο.

Ε. ΨΑΡΑ.
ΠΡΟΞΕΝΕΙΟΝ ΑΛΕΞΑΝΔΡΕΙΑΣ
ΕΙΔΟΠΟΙΗΣΙΣ ΥΠ' ΑΡΙΘ. 42

Το Προξενείον της Αλεξανδρείας ανακοινώνει ότι από 1ης Ιανουαρίου 1966 αι αιτήσεις δια την έκδοσιν διαβατηρίων θα υποβάλλωνται μόνον τας εργάσιμους ημέρας και ώρας 9 — 12 π.μ. Οι ενδιαφερόμενοι παρακαλούνται να προσκομίζουν απαραιτήτως τα δικαιολογητικά, ήτοι πιστοποιητικόν γεννήσεως, δύο φωτογραφίας και το παλαιόν διαβατήριον. Τα τέλη εκδόσεως ορίζονται εις 50 μιλλιέμ κατ' έτος. Είναι δυνατόν η ανανέωσις των διαβατηρίων να γίνεται και δια των κατά τόπους επιτροπών των Κοινοτήτων της Αιγύπτου. Δια την ενημέρωσιν των ομογενών σημειούται ότι πάσα αίτησις πρέπει να υποβάλλεται αυτοπροσώπως. Το Προξενείον θα παραμείνη κλειστόν κατά τας ημέρας των εορτών 25 και 26 Δεκεμβρίου και 1 Ιανουαρίου.

Ο ΟΙΚΟΣ
ΚΑΡΑΚΟΖΗΣ & ΣΙΑ
— ΤΗΛ. 911188 — ΚΑΙΡΟΝ
ΕΥΧΕΤΑΙ
εις την εκλεκτήν πελατείαν του
ΚΑΛΑ ΧΡΙΣΤΟΥΓΕΝΝΑ
